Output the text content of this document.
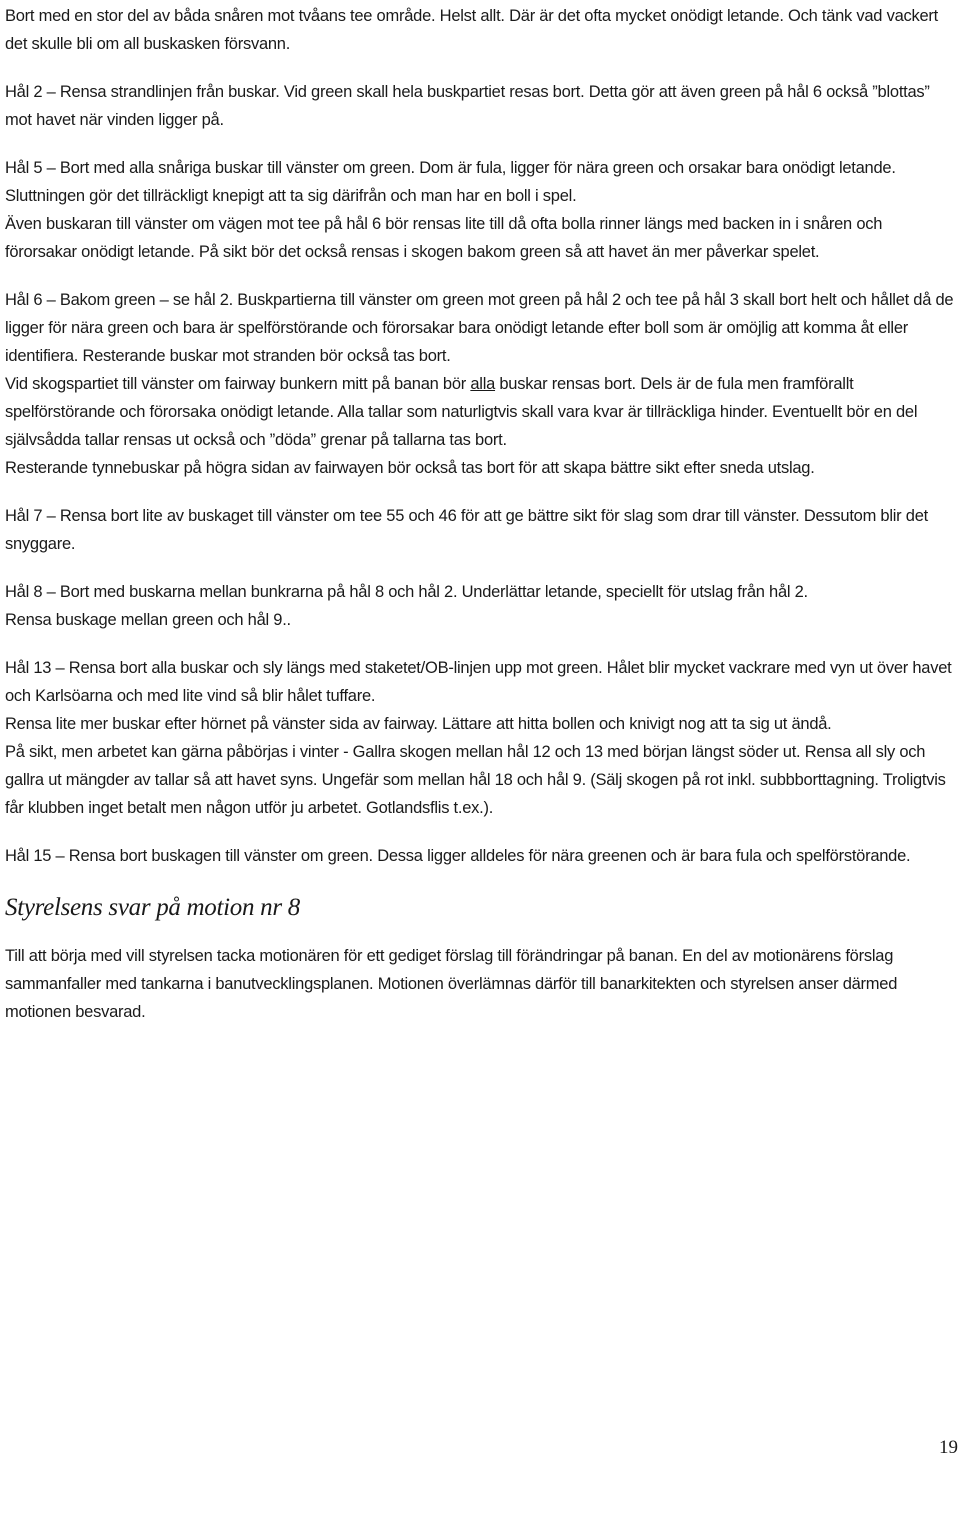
Bort med en stor del av båda snåren mot tvåans tee område. Helst allt. Där är det ofta mycket onödigt letande. Och tänk vad vackert det skulle bli om all buskasken försvann.

Hål 2 – Rensa strandlinjen från buskar. Vid green skall hela buskpartiet resas bort. Detta gör att även green på hål 6 också ”blottas” mot havet när vinden ligger på.

Hål 5 – Bort med alla snåriga buskar till vänster om green. Dom är fula, ligger för nära green och orsakar bara onödigt letande. Sluttningen gör det tillräckligt knepigt att ta sig därifrån och man har en boll i spel.

Även buskaran till vänster om vägen mot tee på hål 6 bör rensas lite till då ofta bolla rinner längs med backen in i snåren och förorsakar onödigt letande. På sikt bör det också rensas i skogen bakom green så att havet än mer påverkar spelet.

Hål 6 – Bakom green – se hål 2. Buskpartierna till vänster om green mot green på hål 2 och tee på hål 3 skall bort helt och hållet då de ligger för nära green och bara är spelförstörande och förorsakar bara onödigt letande efter boll som är omöjlig att komma åt eller identifiera. Resterande buskar mot stranden bör också tas bort.

Vid skogspartiet till vänster om fairway bunkern mitt på banan bör alla buskar rensas bort. Dels är de fula men framförallt spelförstörande och förorsaka onödigt letande. Alla tallar som naturligtvis skall vara kvar är tillräckliga hinder. Eventuellt bör en del självsådda tallar rensas ut också och ”döda” grenar på tallarna tas bort.

Resterande tynnebuskar på högra sidan av fairwayen bör också tas bort för att skapa bättre sikt efter sneda utslag.

Hål 7 – Rensa bort lite av buskaget till vänster om tee 55 och 46 för att ge bättre sikt för slag som drar till vänster. Dessutom blir det snyggare.

Hål 8 – Bort med buskarna mellan bunkrarna på hål 8 och hål 2. Underlättar letande, speciellt för utslag från hål 2.

Rensa buskage mellan green och hål 9..

Hål 13 – Rensa bort alla buskar och sly längs med staketet/OB-linjen upp mot green. Hålet blir mycket vackrare med vyn ut över havet och Karlsöarna och med lite vind så blir hålet tuffare.

Rensa lite mer buskar efter hörnet på vänster sida av fairway. Lättare att hitta bollen och knivigt nog att ta sig ut ändå.

På sikt, men arbetet kan gärna påbörjas i vinter - Gallra skogen mellan hål 12 och 13 med början längst söder ut. Rensa all sly och gallra ut mängder av tallar så att havet syns. Ungefär som mellan hål 18 och hål 9. (Sälj skogen på rot inkl. subbborttagning. Troligtvis får klubben inget betalt men någon utför ju arbetet. Gotlandsflis t.ex.).

Hål 15 – Rensa bort buskagen till vänster om green. Dessa ligger alldeles för nära greenen och är bara fula och spelförstörande.

Styrelsens svar på motion nr 8

Till att börja med vill styrelsen tacka motionären för ett gediget förslag till förändringar på banan. En del av motionärens förslag sammanfaller med tankarna i banutvecklingsplanen. Motionen överlämnas därför till banarkitekten och styrelsen anser därmed motionen besvarad.

19
